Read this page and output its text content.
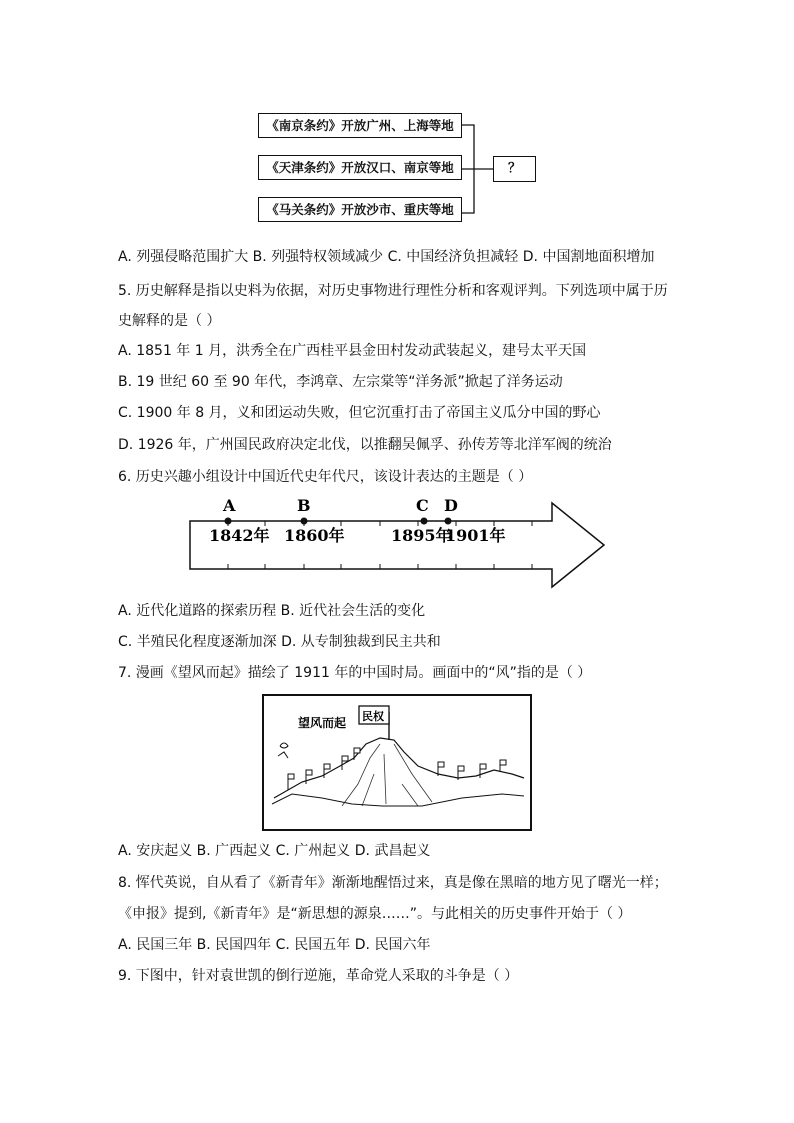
《南京条约》开放广州、上海等地
《天津条约》开放汉口、南京等地
《马关条约》开放沙市、重庆等地
？
A. 列强侵略范围扩大 B. 列强特权领域减少 C. 中国经济负担减轻 D. 中国割地面积增加
5. 历史解释是指以史料为依据，对历史事物进行理性分析和客观评判。下列选项中属于历
史解释的是（ ）
A. 1851 年 1 月，洪秀全在广西桂平县金田村发动武装起义，建号太平天国
B. 19 世纪 60 至 90 年代，李鸿章、左宗棠等“洋务派”掀起了洋务运动
C. 1900 年 8 月，义和团运动失败，但它沉重打击了帝国主义瓜分中国的野心
D. 1926 年，广州国民政府决定北伐，以推翻吴佩孚、孙传芳等北洋军阀的统治
6. 历史兴趣小组设计中国近代史年代尺，该设计表达的主题是（ ）
A	B	C D
1842年 1860年	1895年
1901年
A. 近代化道路的探索历程 B. 近代社会生活的变化
C. 半殖民化程度逐渐加深 D. 从专制独裁到民主共和
7. 漫画《望风而起》描绘了 1911 年的中国时局。画面中的“风”指的是（ ）
望风而起 民权
A. 安庆起义 B. 广西起义 C. 广州起义 D. 武昌起义
8. 恽代英说，自从看了《新青年》渐渐地醒悟过来，真是像在黑暗的地方见了曙光一样；
《申报》提到,《新青年》是“新思想的源泉……”。与此相关的历史事件开始于（ ）
A. 民国三年 B. 民国四年 C. 民国五年 D. 民国六年
9. 下图中，针对袁世凯的倒行逆施，革命党人采取的斗争是（ ）
